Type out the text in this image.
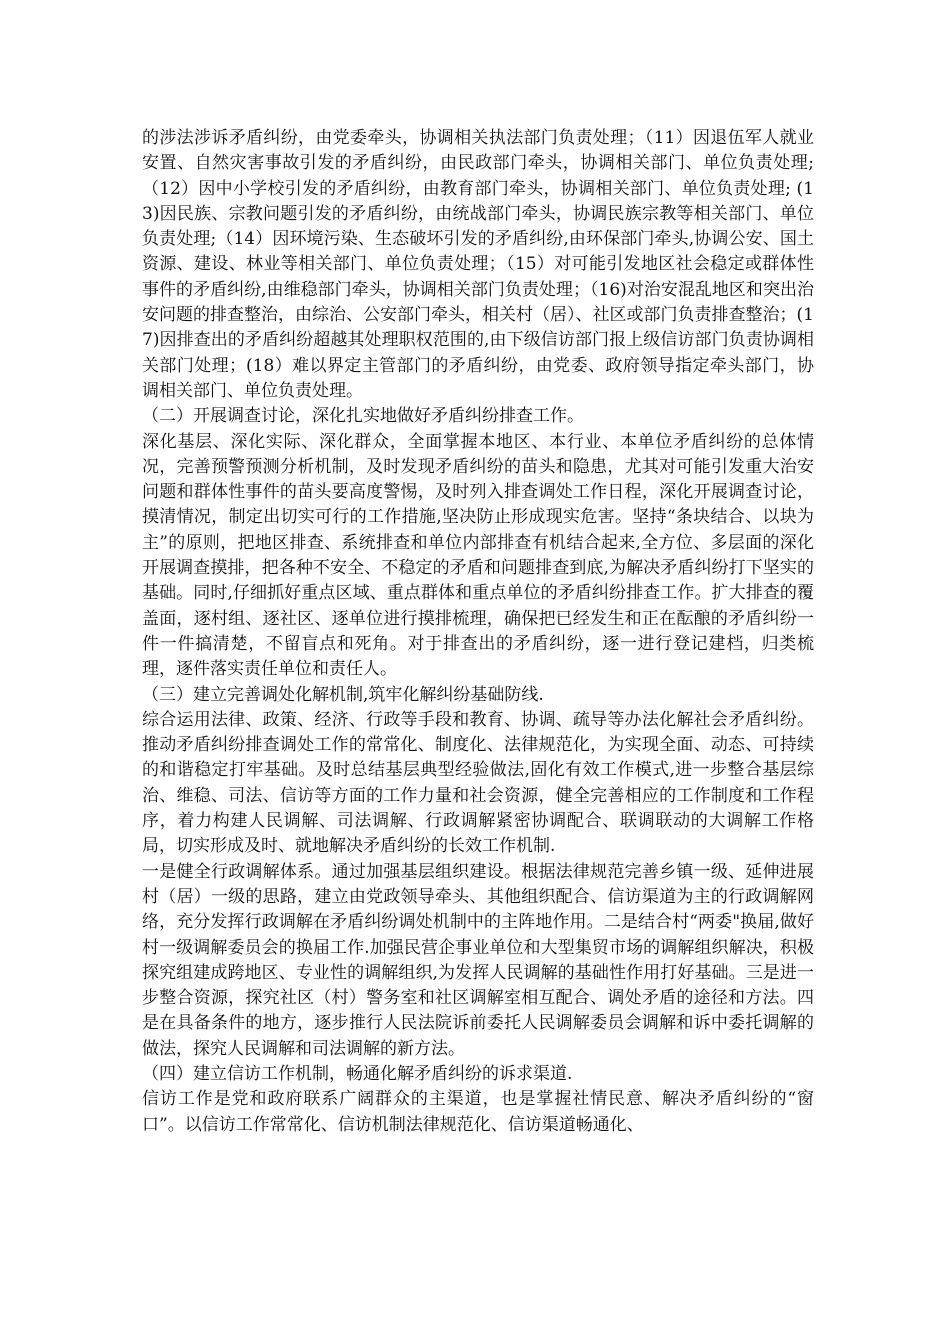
的涉法涉诉矛盾纠纷，由党委牵头，协调相关执法部门负责处理；（11）因退伍军人就业安置、自然灾害事故引发的矛盾纠纷，由民政部门牵头，协调相关部门、单位负责处理;（12）因中小学校引发的矛盾纠纷，由教育部门牵头，协调相关部门、单位负责处理; (13)因民族、宗教问题引发的矛盾纠纷，由统战部门牵头，协调民族宗教等相关部门、单位负责处理;（14）因环境污染、生态破坏引发的矛盾纠纷,由环保部门牵头,协调公安、国土资源、建设、林业等相关部门、单位负责处理；（15）对可能引发地区社会稳定或群体性事件的矛盾纠纷,由维稳部门牵头，协调相关部门负责处理；（16)对治安混乱地区和突出治安问题的排查整治，由综治、公安部门牵头，相关村（居）、社区或部门负责排查整治；(17)因排查出的矛盾纠纷超越其处理职权范围的,由下级信访部门报上级信访部门负责协调相关部门处理；(18）难以界定主管部门的矛盾纠纷，由党委、政府领导指定牵头部门，协调相关部门、单位负责处理。

（二）开展调查讨论，深化扎实地做好矛盾纠纷排查工作。

深化基层、深化实际、深化群众，全面掌握本地区、本行业、本单位矛盾纠纷的总体情况，完善预警预测分析机制，及时发现矛盾纠纷的苗头和隐患，尤其对可能引发重大治安问题和群体性事件的苗头要高度警惕，及时列入排查调处工作日程，深化开展调查讨论，摸清情况，制定出切实可行的工作措施,坚决防止形成现实危害。坚持“条块结合、以块为主”的原则，把地区排查、系统排查和单位内部排查有机结合起来,全方位、多层面的深化开展调查摸排，把各种不安全、不稳定的矛盾和问题排查到底,为解决矛盾纠纷打下坚实的基础。同时,仔细抓好重点区域、重点群体和重点单位的矛盾纠纷排查工作。扩大排查的覆盖面，逐村组、逐社区、逐单位进行摸排梳理，确保把已经发生和正在酝酿的矛盾纠纷一件一件搞清楚，不留盲点和死角。对于排查出的矛盾纠纷，逐一进行登记建档，归类梳理，逐件落实责任单位和责任人。

（三）建立完善调处化解机制,筑牢化解纠纷基础防线.

综合运用法律、政策、经济、行政等手段和教育、协调、疏导等办法化解社会矛盾纠纷。推动矛盾纠纷排查调处工作的常常化、制度化、法律规范化，为实现全面、动态、可持续的和谐稳定打牢基础。及时总结基层典型经验做法,固化有效工作模式,进一步整合基层综治、维稳、司法、信访等方面的工作力量和社会资源，健全完善相应的工作制度和工作程序，着力构建人民调解、司法调解、行政调解紧密协调配合、联调联动的大调解工作格局，切实形成及时、就地解决矛盾纠纷的长效工作机制.

一是健全行政调解体系。通过加强基层组织建设。根据法律规范完善乡镇一级、延伸进展村（居）一级的思路，建立由党政领导牵头、其他组织配合、信访渠道为主的行政调解网络，充分发挥行政调解在矛盾纠纷调处机制中的主阵地作用。二是结合村“两委"换届,做好村一级调解委员会的换届工作.加强民营企事业单位和大型集贸市场的调解组织解决，积极探究组建成跨地区、专业性的调解组织,为发挥人民调解的基础性作用打好基础。三是进一步整合资源，探究社区（村）警务室和社区调解室相互配合、调处矛盾的途径和方法。四是在具备条件的地方，逐步推行人民法院诉前委托人民调解委员会调解和诉中委托调解的做法，探究人民调解和司法调解的新方法。

（四）建立信访工作机制，畅通化解矛盾纠纷的诉求渠道.

信访工作是党和政府联系广阔群众的主渠道，也是掌握社情民意、解决矛盾纠纷的“窗口”。以信访工作常常化、信访机制法律规范化、信访渠道畅通化、
